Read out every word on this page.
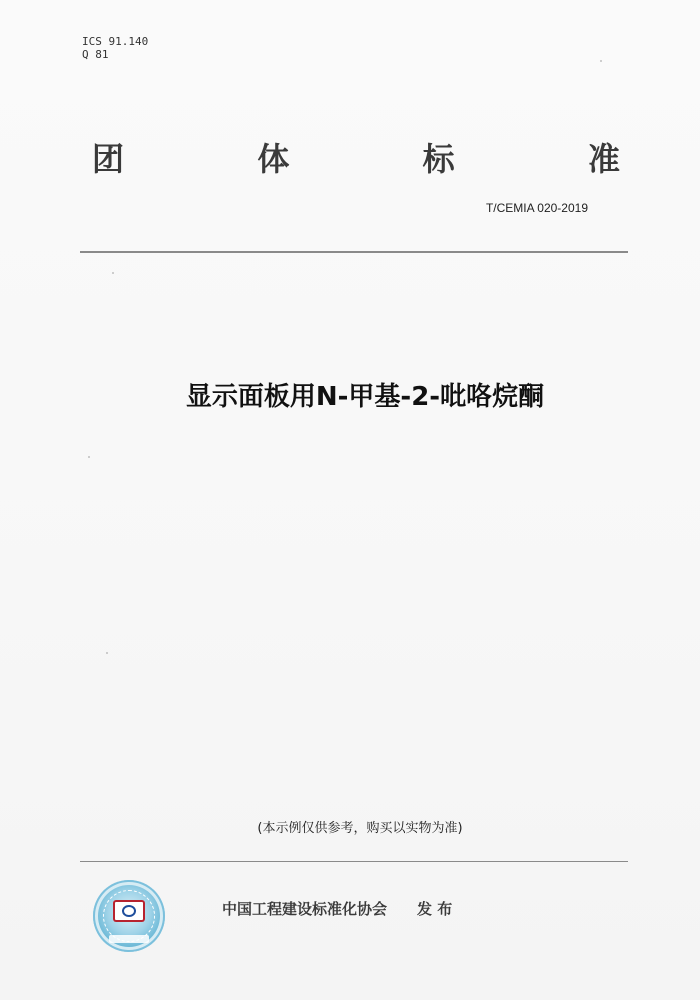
ICS 91.140
Q 81
团	体	标	准
T/CEMIA 020-2019
显示面板用N-甲基-2-吡咯烷酮
(本示例仅供参考，购买以实物为准)
中国工程建设标准化协会 发 布
